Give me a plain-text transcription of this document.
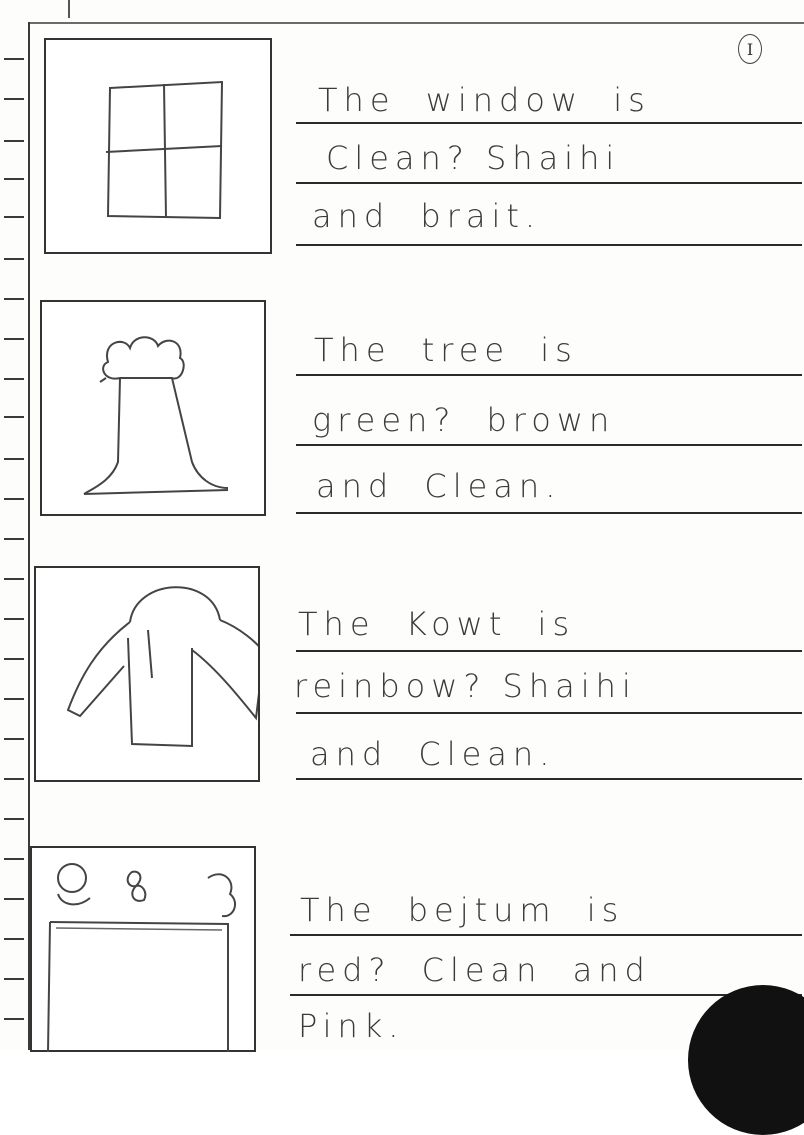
I
The window is
Clean? Shaihi
and brait.
The tree is
green? brown
and Clean.
The Kowt is
reinbow? Shaihi
and Clean.
The bejtum is
red? Clean and
Pink.
